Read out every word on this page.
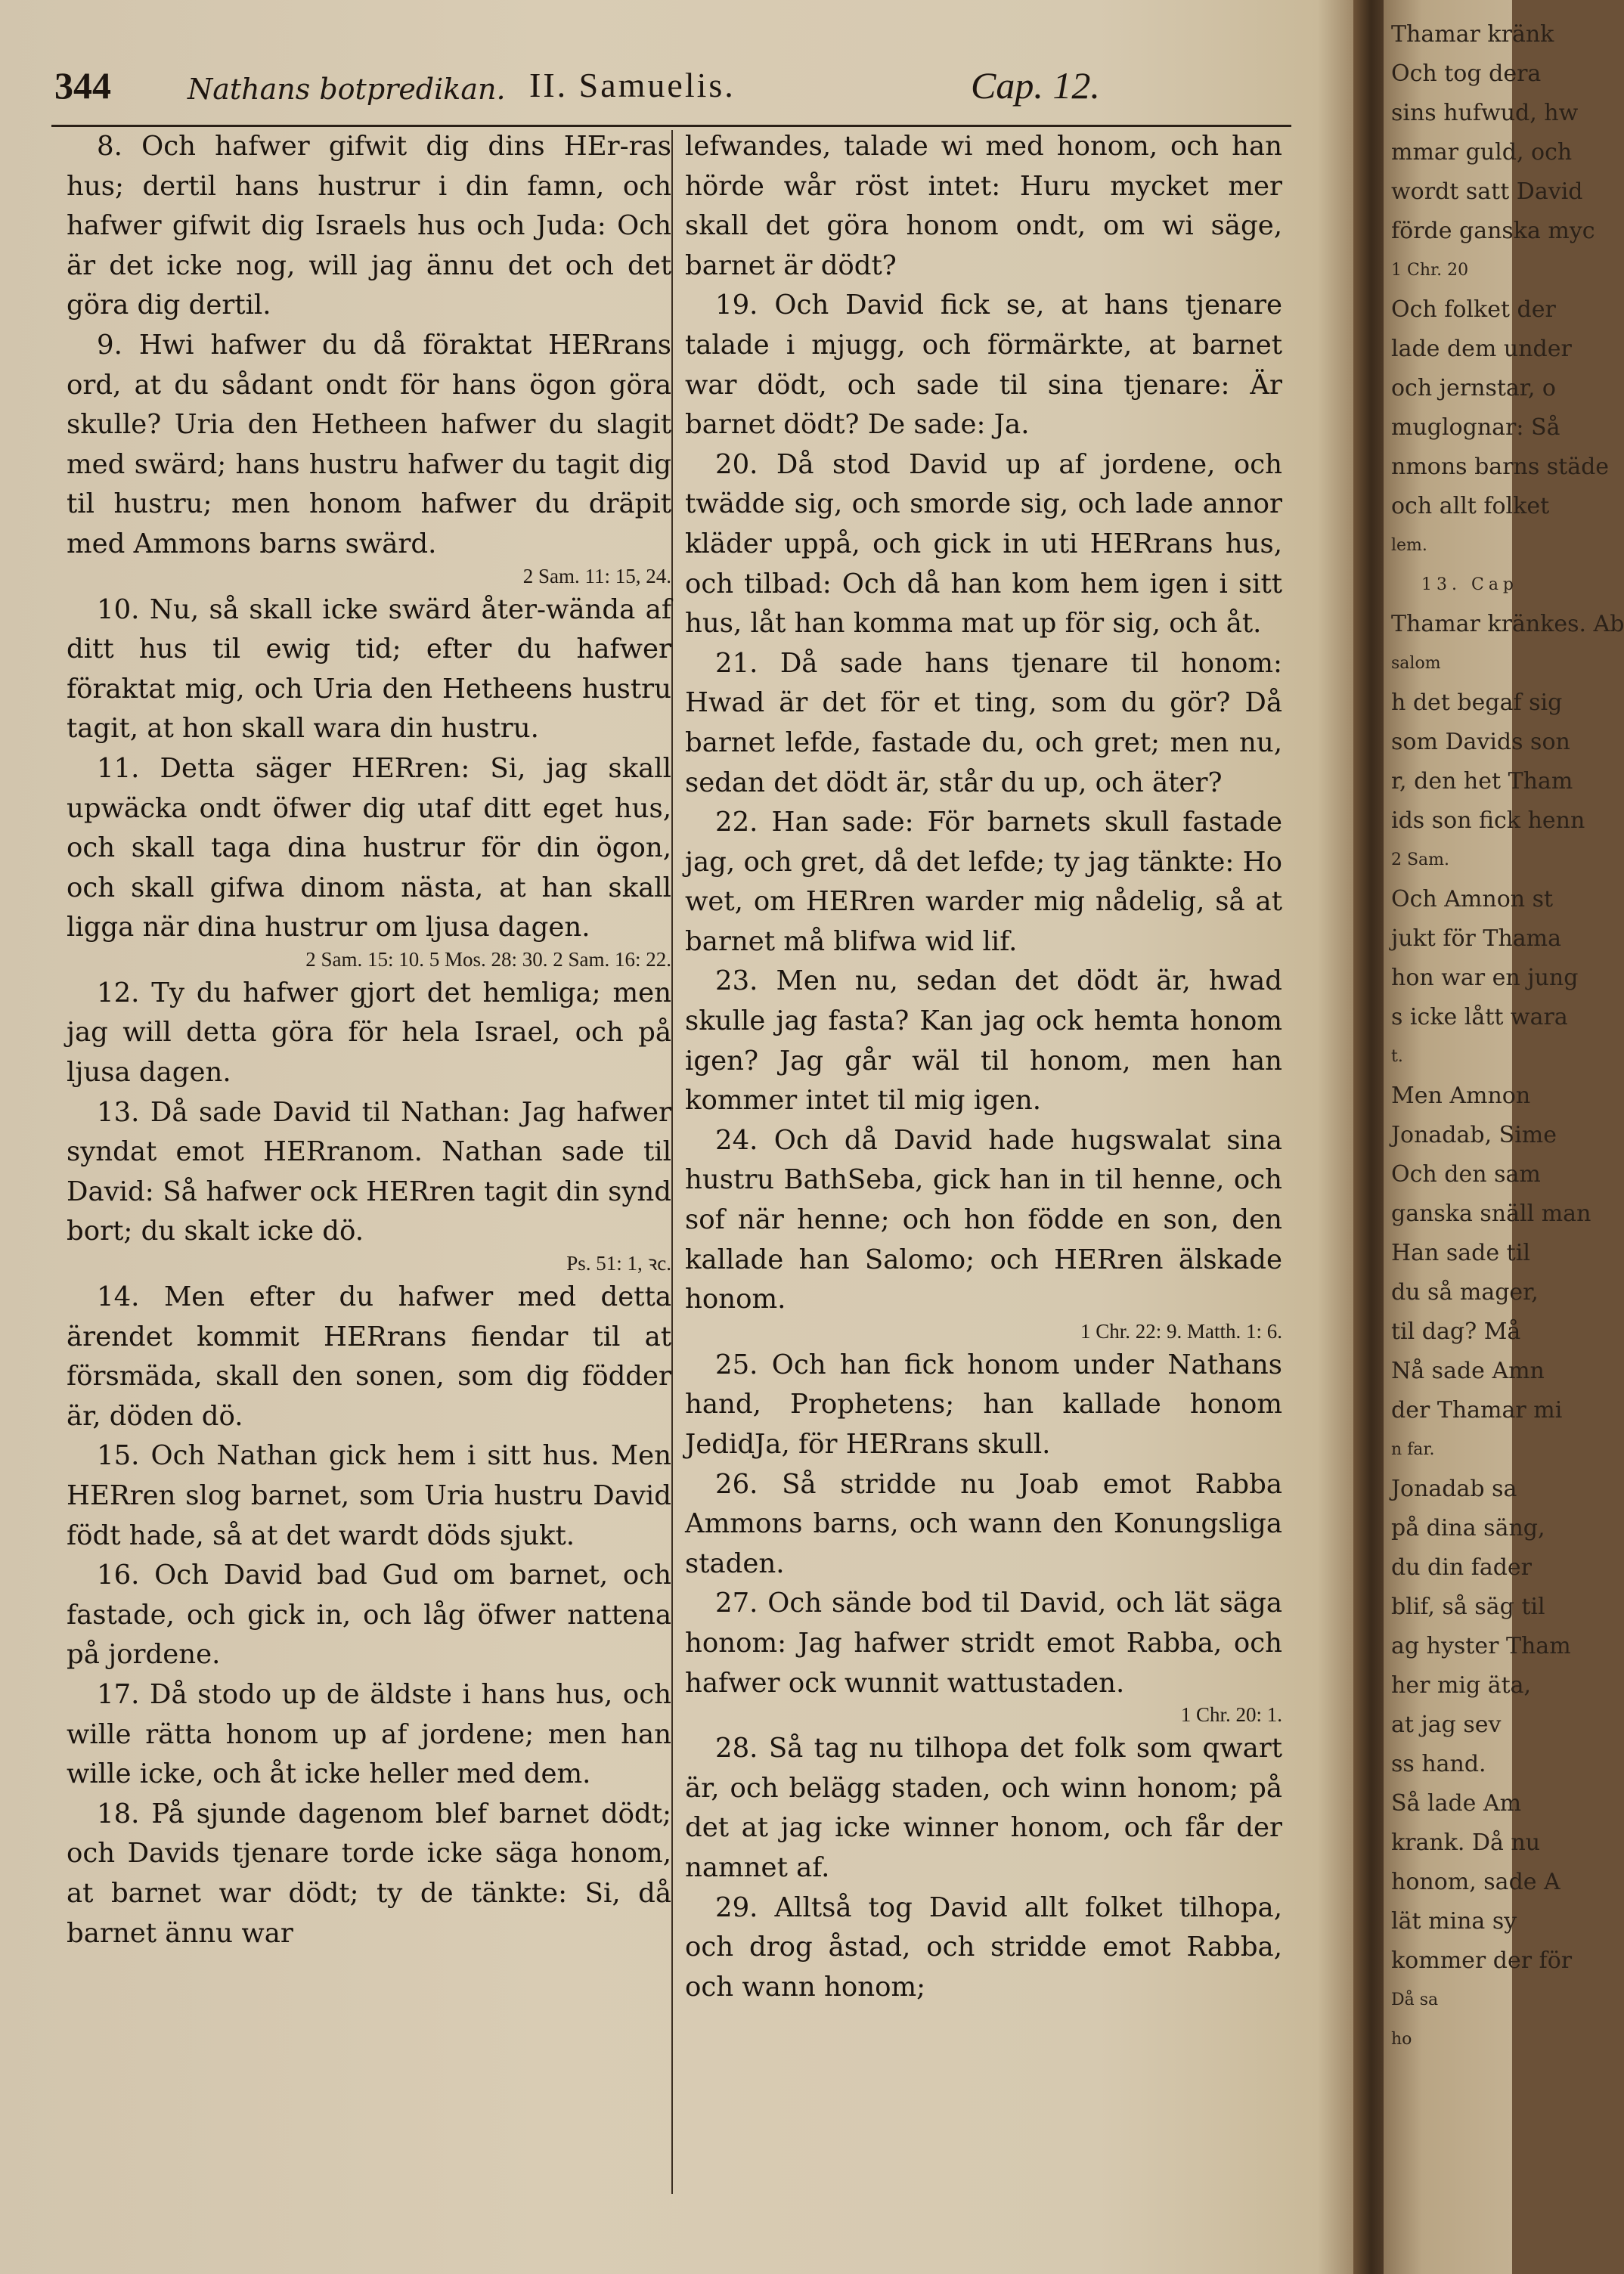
344	Nathans botpredikan. II. Samuelis.	Cap. 12.

8. Och hafwer gifwit dig dins HEr-ras hus; dertil hans hustrur i din famn, och hafwer gifwit dig Israels hus och Juda: Och är det icke nog, will jag ännu det och det göra dig dertil.

9. Hwi hafwer du då föraktat HERrans ord, at du sådant ondt för hans ögon göra skulle? Uria den Hetheen hafwer du slagit med swärd; hans hustru hafwer du tagit dig til hustru; men honom hafwer du dräpit med Ammons barns swärd.

2 Sam. 11: 15, 24.

10. Nu, så skall icke swärd åter-wända af ditt hus til ewig tid; efter du hafwer föraktat mig, och Uria den Hetheens hustru tagit, at hon skall wara din hustru.

11. Detta säger HERren: Si, jag skall upwäcka ondt öfwer dig utaf ditt eget hus, och skall taga dina hustrur för din ögon, och skall gifwa dinom nästa, at han skall ligga när dina hustrur om ljusa dagen.

2 Sam. 15: 10. 5 Mos. 28: 30. 2 Sam. 16: 22.

12. Ty du hafwer gjort det hemliga; men jag will detta göra för hela Israel, och på ljusa dagen.

13. Då sade David til Nathan: Jag hafwer syndat emot HERranom. Nathan sade til David: Så hafwer ock HERren tagit din synd bort; du skalt icke dö.

Ps. 51: 1, ꝛc.

14. Men efter du hafwer med detta ärendet kommit HERrans fiendar til at försmäda, skall den sonen, som dig födder är, döden dö.

15. Och Nathan gick hem i sitt hus. Men HERren slog barnet, som Uria hustru David födt hade, så at det wardt döds sjukt.

16. Och David bad Gud om barnet, och fastade, och gick in, och låg öfwer nattena på jordene.

17. Då stodo up de äldste i hans hus, och wille rätta honom up af jordene; men han wille icke, och åt icke heller med dem.

18. På sjunde dagenom blef barnet dödt; och Davids tjenare torde icke säga honom, at barnet war dödt; ty de tänkte: Si, då barnet ännu war

lefwandes, talade wi med honom, och han hörde wår röst intet: Huru mycket mer skall det göra honom ondt, om wi säge, barnet är dödt?

19. Och David fick se, at hans tjenare talade i mjugg, och förmärkte, at barnet war dödt, och sade til sina tjenare: Är barnet dödt? De sade: Ja.

20. Då stod David up af jordene, och twädde sig, och smorde sig, och lade annor kläder uppå, och gick in uti HERrans hus, och tilbad: Och då han kom hem igen i sitt hus, låt han komma mat up för sig, och åt.

21. Då sade hans tjenare til honom: Hwad är det för et ting, som du gör? Då barnet lefde, fastade du, och gret; men nu, sedan det dödt är, står du up, och äter?

22. Han sade: För barnets skull fastade jag, och gret, då det lefde; ty jag tänkte: Ho wet, om HERren warder mig nådelig, så at barnet må blifwa wid lif.

23. Men nu, sedan det dödt är, hwad skulle jag fasta? Kan jag ock hemta honom igen? Jag går wäl til honom, men han kommer intet til mig igen.

24. Och då David hade hugswalat sina hustru BathSeba, gick han in til henne, och sof när henne; och hon födde en son, den kallade han Salomo; och HERren älskade honom.

1 Chr. 22: 9. Matth. 1: 6.

25. Och han fick honom under Nathans hand, Prophetens; han kallade honom JedidJa, för HERrans skull.

26. Så stridde nu Joab emot Rabba Ammons barns, och wann den Konungsliga staden.

27. Och sände bod til David, och lät säga honom: Jag hafwer stridt emot Rabba, och hafwer ock wunnit wattustaden.

1 Chr. 20: 1.

28. Så tag nu tilhopa det folk som qwart är, och belägg staden, och winn honom; på det at jag icke winner honom, och får der namnet af.

29. Alltså tog David allt folket tilhopa, och drog åstad, och stridde emot Rabba, och wann honom;

Thamar kränk
Och tog dera
sins hufwud, hw
mmar guld, och
wordt satt David
förde ganska myc
1 Chr. 20
Och folket der
lade dem under
och jernstar, o
muglognar: Så
nmons barns städe
och allt folket
lem.
13. Cap
Thamar kränkes. Ab
salom
h det begaf sig
som Davids son
r, den het Tham
ids son fick henn
2 Sam.
Och Amnon st
jukt för Thama
hon war en jung
s icke lått wara
t.
Men Amnon
Jonadab, Sime
Och den sam
ganska snäll man
Han sade til
du så mager,
til dag? Må
Nå sade Amn
der Thamar mi
n far.
Jonadab sa
på dina säng,
du din fader
blif, så säg til
ag hyster Tham
her mig äta,
at jag sev
ss hand.
Så lade Am
krank. Då nu
honom, sade A
lät mina sy
kommer der för
Då sa
ho
